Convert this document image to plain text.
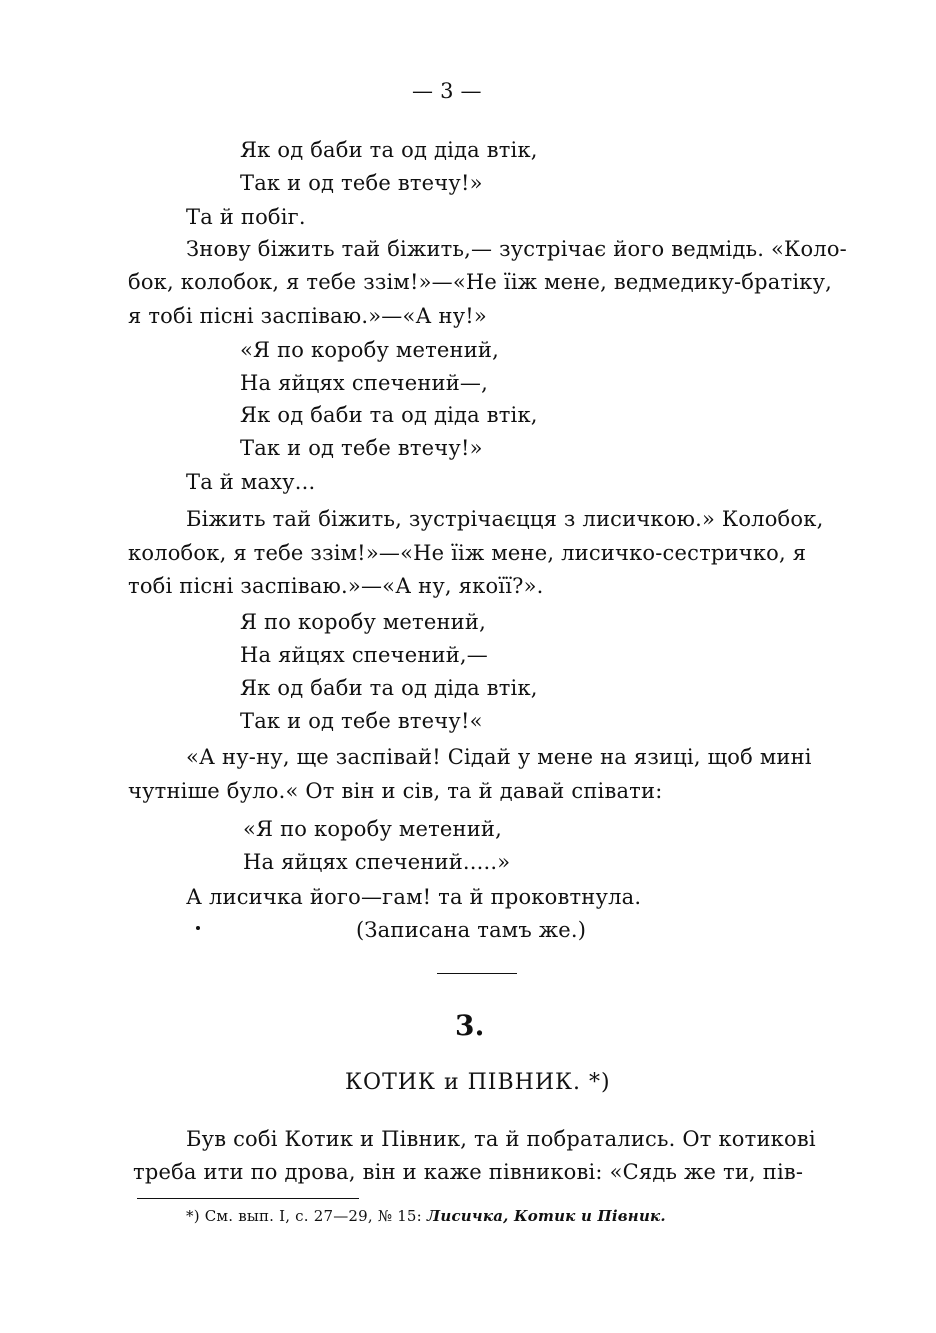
— 3 —
Як од баби та од діда втік,
Так и од тебе втечу!»
Та й побіг.
Знову біжить тай біжить,— зустрічає його ведмідь. «Коло-
бок, колобок, я тебе ззім!»—«Не їіж мене, ведмедику-братіку,
я тобі пісні заспіваю.»—«А ну!»
«Я по коробу метений,
На яйцях спечений—,
Як од баби та од діда втік,
Так и од тебе втечу!»
Та й маху...
Біжить тай біжить, зустрічаєцця з лисичкою.» Колобок,
колобок, я тебе ззім!»—«Не їіж мене, лисичко-сестричко, я
тобі пісні заспіваю.»—«А ну, якоїї?».
Я по коробу метений,
На яйцях спечений,—
Як од баби та од діда втік,
Так и од тебе втечу!«
«А ну-ну, ще заспівай! Сідай у мене на язиці, щоб мині
чутніше було.« От він и сів, та й давай співати:
«Я по коробу метений,
На яйцях спечений.....»
А лисичка його—гам! та й проковтнула.
(Записана тамъ же.)
3.
КОТИК и ПІВНИК. *)
Був собі Котик и Півник, та й побратались. От котикові
треба ити по дрова, він и каже півникові: «Сядь же ти, пів-
*) См. вып. I, с. 27—29, № 15: Лисичка, Котик и Півник.
